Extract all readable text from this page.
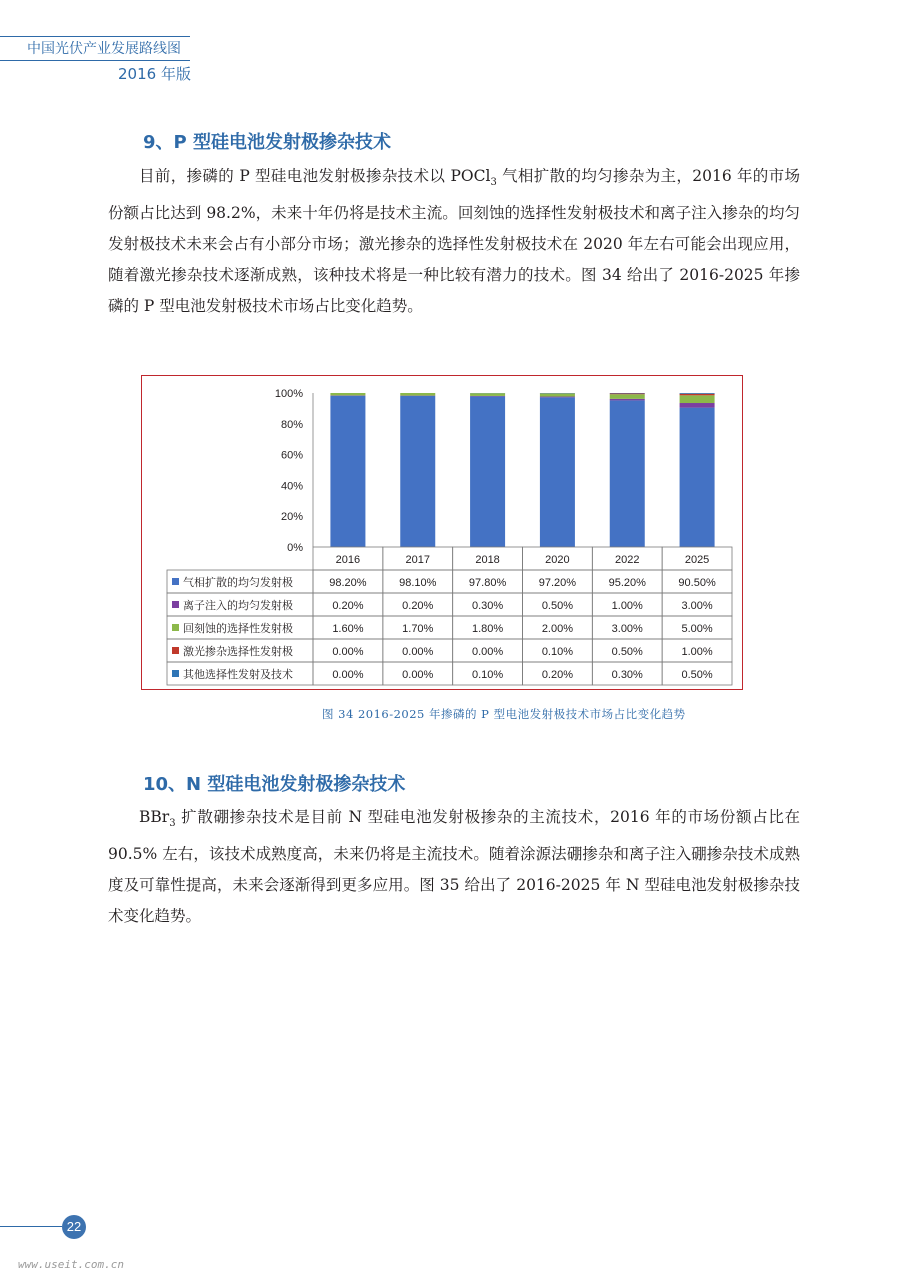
中国光伏产业发展路线图
2016 年版
9、P 型硅电池发射极掺杂技术

目前，掺磷的 P 型硅电池发射极掺杂技术以 POCl$_3$ 气相扩散的均匀掺杂为主，2016 年的市场份额占比达到 98.2%，未来十年仍将是技术主流。回刻蚀的选择性发射极技术和离子注入掺杂的均匀发射极技术未来会占有小部分市场；激光掺杂的选择性发射极技术在 2020 年左右可能会出现应用，随着激光掺杂技术逐渐成熟，该种技术将是一种比较有潜力的技术。图 34 给出了 2016-2025 年掺磷的 P 型电池发射极技术市场占比变化趋势。

100%
80%
60%
40%
20%
0%
2016	2017	2018	2020	2022	2025
气相扩散的均匀发射极	98.20%	98.10%	97.80%	97.20%	95.20%	90.50%
离子注入的均匀发射极	0.20%	0.20%	0.30%	0.50%	1.00%	3.00%
回刻蚀的选择性发射极	1.60%	1.70%	1.80%	2.00%	3.00%	5.00%
激光掺杂选择性发射极	0.00%	0.00%	0.00%	0.10%	0.50%	1.00%
其他选择性发射及技术	0.00%	0.00%	0.10%	0.20%	0.30%	0.50%
图 34 2016-2025 年掺磷的 P 型电池发射极技术市场占比变化趋势
10、N 型硅电池发射极掺杂技术

BBr$_3$ 扩散硼掺杂技术是目前 N 型硅电池发射极掺杂的主流技术，2016 年的市场份额占比在 90.5% 左右，该技术成熟度高，未来仍将是主流技术。随着涂源法硼掺杂和离子注入硼掺杂技术成熟度及可靠性提高，未来会逐渐得到更多应用。图 35 给出了 2016-2025 年 N 型硅电池发射极掺杂技术变化趋势。

22
www.useit.com.cn
